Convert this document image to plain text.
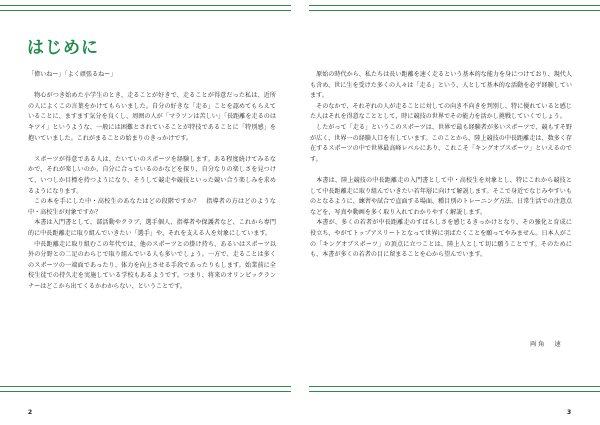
はじめに

「偉いねー」「よく頑張るねー」

物心がつき始めた小学生のとき、走ることが好きで、走ることが得意だった私は、近所の人によくこの言葉をかけてもらいました。自分の好きな「走る」ことを認めてもらえていることに、ますます気分を良くし、周囲の人が「マラソンは苦しい」「長距離を走るのはキツイ」というような、一般には困難とされていることが特技であることに「特別感」を抱いていました。これがまることの始まりのきっかけです。

スポーツが得意である人は、たいていのスポーツを経験します。ある程度続けてみるなかで、それが楽しいのか、自分に合っているのかなどを探り、自分なりの楽しさを見つけて、いつしか目標を持つようになり、そうして競走や競技といった競い合う楽しみを求めるようになります。

この本を手にした中・高校生のあなたはどの段階ですか？　指導者の方はどのような中・高校生が対象ですか？

本書は入門書として、部活動やクラブ、選手個人、指導者や保護者など、これから専門的に中長距離走に取り組んでいきたい「選手」や、それを支える人を対象にしています。

中長距離走に取り組むこの年代では、他のスポーツとの掛け持ち、あるいはスポーツ以外の分野との二足のわらじで取り組んでいる人も多いでしょう。一方で、走ることは多くのスポーツの一端面であったり、体力を向上させる手段であったりもします。始業前に全校生徒での持久走を実施している学校もあるようです。つまり、将来のオリンピックランナーはどこから出てくるかわからない、ということです。

原始の時代から、私たちは長い距離を速く走るという基本的な能力を身につけており、現代人も含め、世に生を受けた多くの人々は「走る」という、人として基本的な活動を必ず経験しています。

そのなかで、それぞれの人が走ることに対しての向き不向きを判別し、特に優れていると感じた人はそれを得意なこととして、時に競技の世界でその能力を活かし挑戦していくでしょう。

したがって「走る」というこのスポーツは、世界で最も経験者が多いスポーツで、競もすそ野が広く、世界一の経験人口を有しています。このことから、陸上競技の中長距離走は、数多く存在するスポーツの中で世界最高峰レベルにあり、これこそ「キングオブスポーツ」といえるのです。

本書は、陸上競技の中長距離走の入門書として中・高校生を対象とし、特にこれから競技として中長距離走に取り組んでいきたい若年層に向けて解説します。そこで身近でなじみやすいものとなるように、練習や試合で直面する場面、種目別のトレーニング方法、日常生活での注意点などを、写真や動画を多く取り入れてわかりやすく解説します。

本書が、多くの若者が中長距離走のすばらしさを感じるきっかけとなり、その強化と育成に役立ち、やがてトップアスリートとなって世界に羽ばたくことを願ってやみません。日本人がこの「キングオブスポーツ」の頂点に立つことは、陸上人として切に願うことです。そのためにも、本書が多くの若者の目に留まることを心から望んでいます。

両角　速
2	3
